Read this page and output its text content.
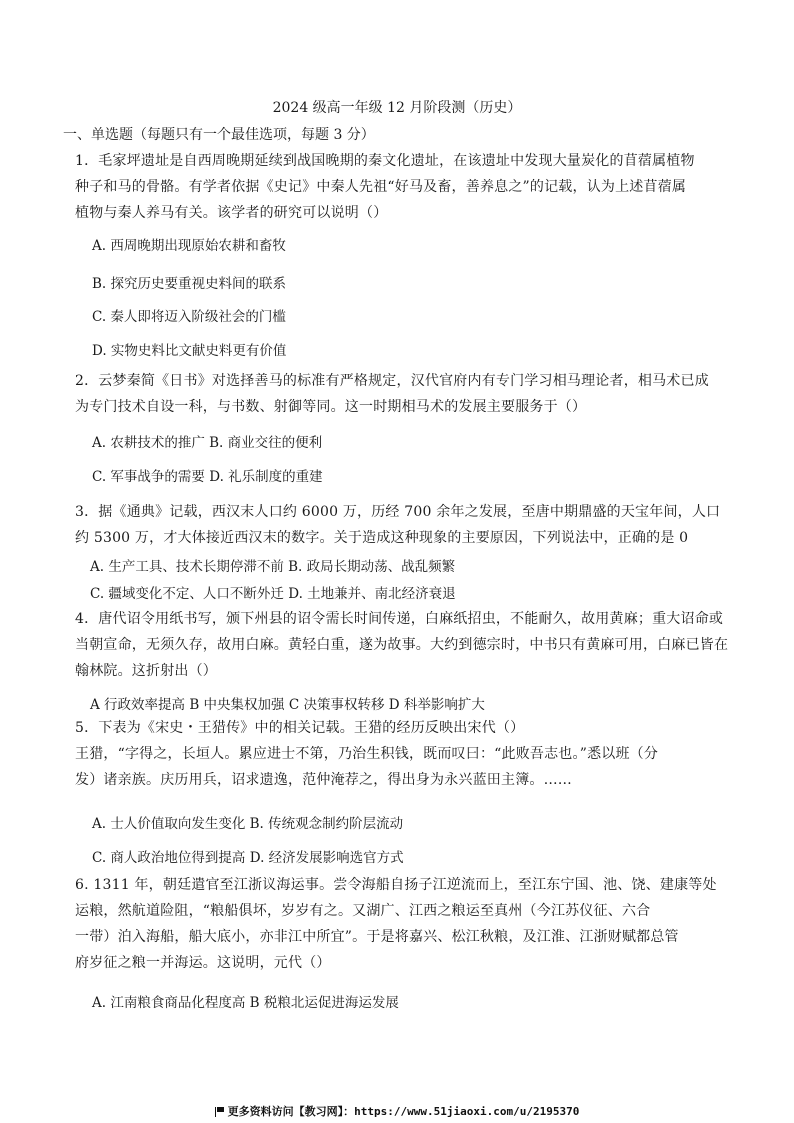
2024 级高一年级 12 月阶段测（历史）
一、单选题（每题只有一个最佳选项，每题 3 分）
1．毛家坪遗址是自西周晚期延续到战国晚期的秦文化遗址，在该遗址中发现大量炭化的苜蓿属植物
种子和马的骨骼。有学者依据《史记》中秦人先祖“好马及畜，善养息之”的记载，认为上述苜蓿属
植物与秦人养马有关。该学者的研究可以说明（）
A. 西周晚期出现原始农耕和畜牧
B. 探究历史要重视史料间的联系
C. 秦人即将迈入阶级社会的门槛
D. 实物史料比文献史料更有价值
2．云梦秦简《日书》对选择善马的标准有严格规定，汉代官府内有专门学习相马理论者，相马术已成
为专门技术自设一科，与书数、射御等同。这一时期相马术的发展主要服务于（）
A. 农耕技术的推广 B. 商业交往的便利
C. 军事战争的需要 D. 礼乐制度的重建
3．据《通典》记载，西汉末人口约 6000 万，历经 700 余年之发展，至唐中期鼎盛的天宝年间，人口
约 5300 万，才大体接近西汉末的数字。关于造成这种现象的主要原因，下列说法中，正确的是 0
A. 生产工具、技术长期停滞不前 B. 政局长期动荡、战乱频繁
C. 疆域变化不定、人口不断外迁 D. 土地兼并、南北经济衰退
4．唐代诏令用纸书写，颁下州县的诏令需长时间传递，白麻纸招虫，不能耐久，故用黄麻；重大诏命或
当朝宣命，无须久存，故用白麻。黄轻白重，遂为故事。大约到德宗时，中书只有黄麻可用，白麻已皆在
翰林院。这折射出（）
A 行政效率提高 B 中央集权加强 C 决策事权转移 D 科举影响扩大
5．下表为《宋史・王猎传》中的相关记载。王猎的经历反映出宋代（）
王猎，“字得之，长垣人。累应进士不第，乃治生积钱，既而叹曰：“此败吾志也。”悉以班（分
发）诸亲族。庆历用兵，诏求遗逸，范仲淹荐之，得出身为永兴蓝田主簿。……
A. 士人价值取向发生变化 B. 传统观念制约阶层流动
C. 商人政治地位得到提高 D. 经济发展影响选官方式
6. 1311 年，朝廷遣官至江浙议海运事。尝令海船自扬子江逆流而上，至江东宁国、池、饶、建康等处
运粮，然航道险阻，“粮船俱坏，岁岁有之。又湖广、江西之粮运至真州（今江苏仪征、六合
一带）泊入海船，船大底小，亦非江中所宜”。于是将嘉兴、松江秋粮，及江淮、江浙财赋都总管
府岁征之粮一并海运。这说明，元代（）
A. 江南粮食商品化程度高 B 税粮北运促进海运发展
更多资料访问【教习网】：https://www.51jiaoxi.com/u/2195370
